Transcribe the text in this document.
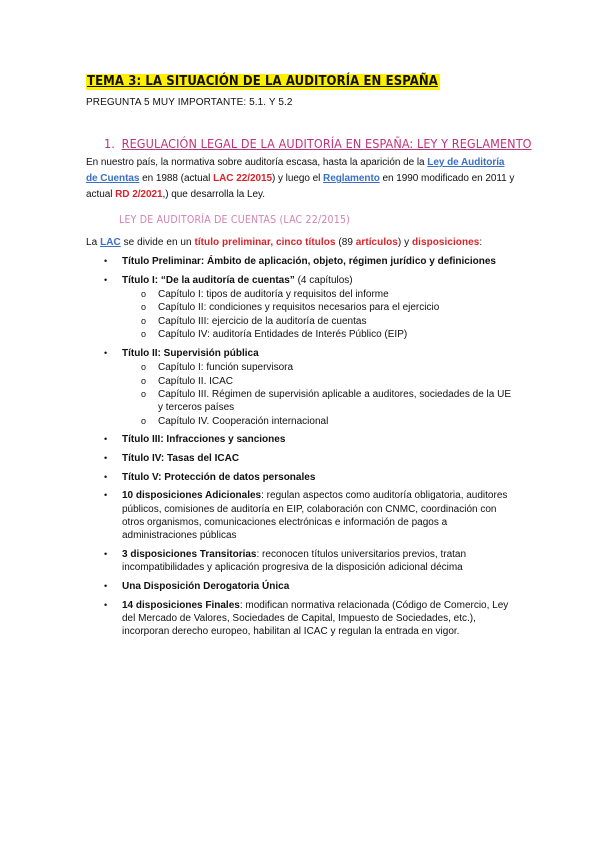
TEMA 3: LA SITUACIÓN DE LA AUDITORÍA EN ESPAÑA
PREGUNTA 5 MUY IMPORTANTE: 5.1. Y 5.2
1. REGULACIÓN LEGAL DE LA AUDITORÍA EN ESPAÑA: LEY Y REGLAMENTO
En nuestro país, la normativa sobre auditoría escasa, hasta la aparición de la Ley de Auditoría de Cuentas en 1988 (actual LAC 22/2015) y luego el Reglamento en 1990 modificado en 2011 y actual RD 2/2021,) que desarrolla la Ley.
LEY DE AUDITORÍA DE CUENTAS (LAC 22/2015)
La LAC se divide en un título preliminar, cinco títulos (89 artículos) y disposiciones:
• Título Preliminar: Ámbito de aplicación, objeto, régimen jurídico y definiciones
• Título I: “De la auditoría de cuentas” (4 capítulos)
o Capítulo I: tipos de auditoría y requisitos del informe
o Capítulo II: condiciones y requisitos necesarios para el ejercicio
o Capítulo III: ejercicio de la auditoría de cuentas
o Capítulo IV: auditoría Entidades de Interés Público (EIP)
• Título II: Supervisión pública
o Capítulo I: función supervisora
o Capítulo II. ICAC
o Capítulo III. Régimen de supervisión aplicable a auditores, sociedades de la UE y terceros países
o Capítulo IV. Cooperación internacional
• Título III: Infracciones y sanciones
• Título IV: Tasas del ICAC
• Título V: Protección de datos personales
• 10 disposiciones Adicionales: regulan aspectos como auditoría obligatoria, auditores públicos, comisiones de auditoría en EIP, colaboración con CNMC, coordinación con otros organismos, comunicaciones electrónicas e información de pagos a administraciones públicas
• 3 disposiciones Transitorias: reconocen títulos universitarios previos, tratan incompatibilidades y aplicación progresiva de la disposición adicional décima
• Una Disposición Derogatoria Única
• 14 disposiciones Finales: modifican normativa relacionada (Código de Comercio, Ley del Mercado de Valores, Sociedades de Capital, Impuesto de Sociedades, etc.), incorporan derecho europeo, habilitan al ICAC y regulan la entrada en vigor.
